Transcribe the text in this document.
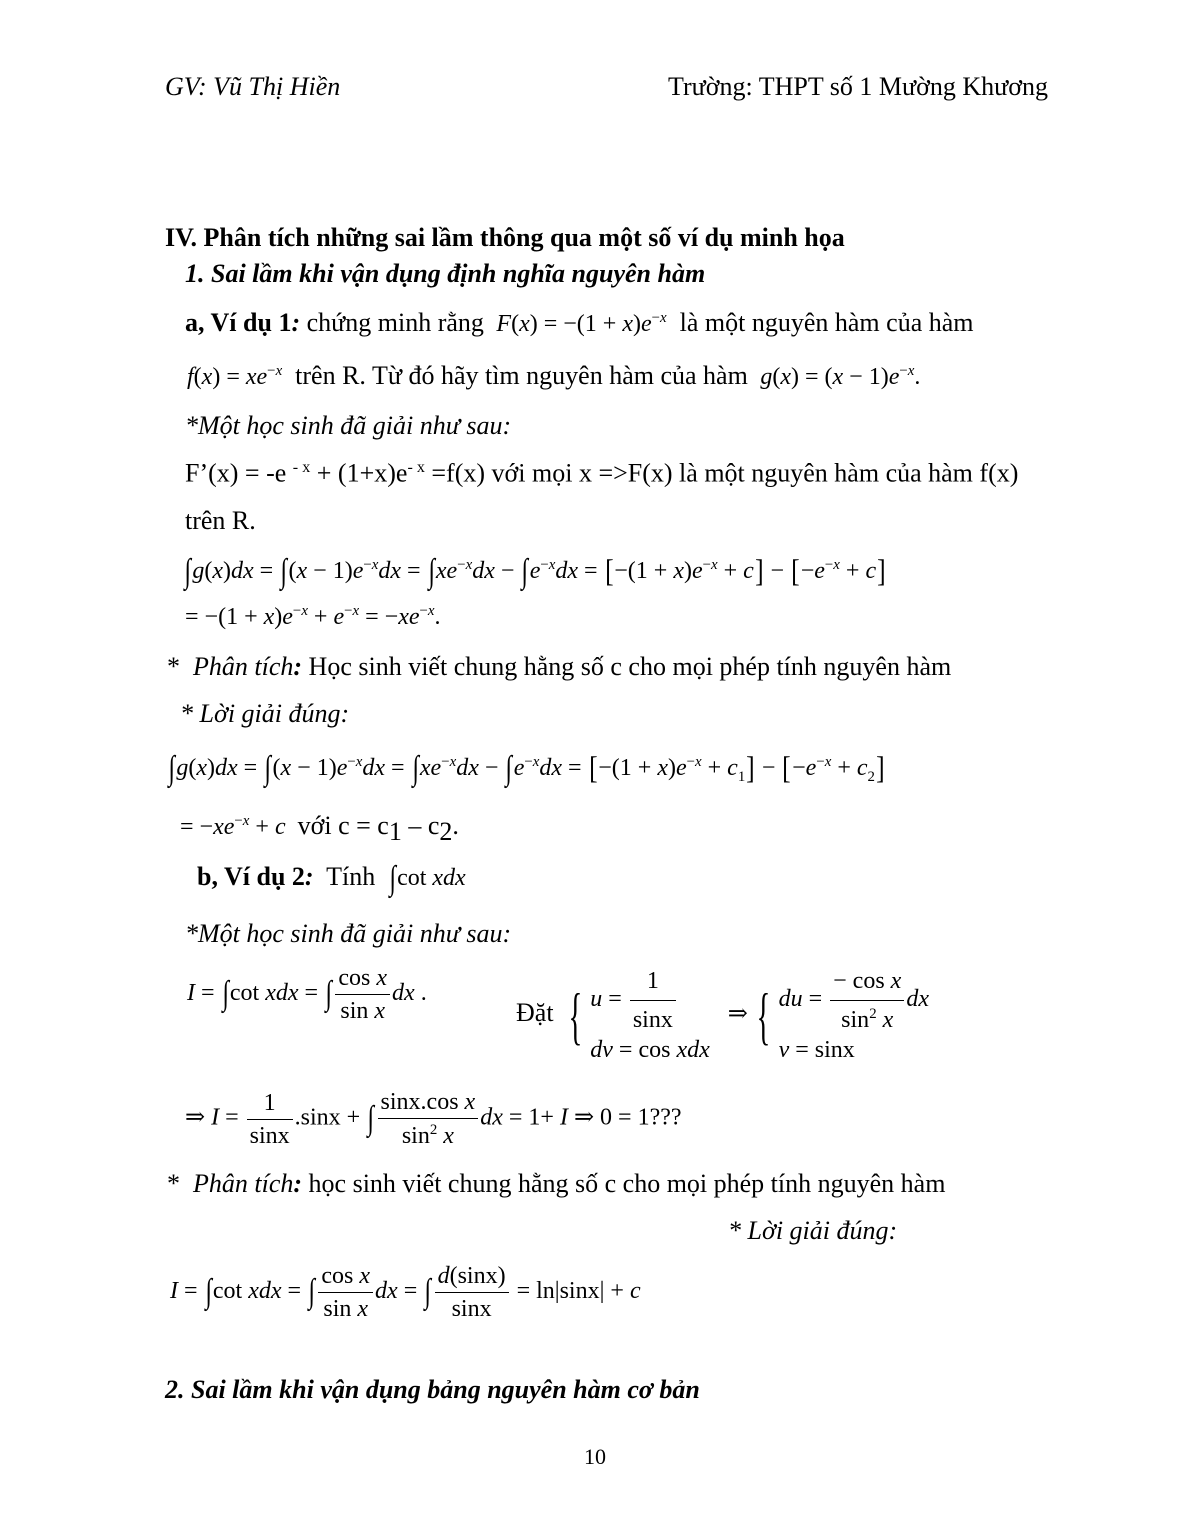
GV: Vũ Thị Hiền	Trường: THPT số 1 Mường Khương
IV. Phân tích những sai lầm thông qua một số ví dụ minh họa
1. Sai lầm khi vận dụng định nghĩa nguyên hàm
a, Ví dụ 1: chứng minh rằng $F(x) = -(1 + x)e^{-x}$ là một nguyên hàm của hàm
$f(x) = xe^{-x}$ trên R. Từ đó hãy tìm nguyên hàm của hàm $g(x) = (x - 1)e^{-x}$.
*Một học sinh đã giải như sau:
F’(x) = -e $^{- x} + (1+x)e^{- x} =f(x)$ với mọi x =>F(x) là một nguyên hàm của hàm f(x)
trên R.
$\int g(x)dx = \int(x - 1)e^{-x}dx = \int xe^{-x}dx - \int e^{-x}dx = [-(1 + x)e^{-x} + c] - [-e^{-x} + c]$
= $-(1 + x)e^{-x} + e^{-x} = -xe^{-x}$.
*  Phân tích: Học sinh viết chung hằng số c cho mọi phép tính nguyên hàm
* Lời giải đúng:
$\int g(x)dx = \int(x - 1)e^{-x}dx = \int xe^{-x}dx - \int e^{-x}dx = [-(1 + x)e^{-x} + c_1] - [-e^{-x} + c_2]$
= $-xe^{-x} + c$ với $c = c_1 - c_2$.
b, Ví dụ 2: Tính ∫cot xdx
*Một học sinh đã giải như sau:
I = ∫cot xdx = ∫ $\frac{\text{cos x}}{\text{sin x}}$ dx .
Đặt { $u = \frac{1}{\sin x}$
dv = cos xdx
⇒ { du = $\frac{\text{− cos x}}{\sin^2 x}$ dx
v = sinx
⇒ $I = \frac{1}{\sin x} .\sin x$ + ∫ $\frac{\text{sinx.cos x}}{\sin^2 x}$ dx = 1+ I ⇒ 0 = 1???
*  Phân tích: học sinh viết chung hằng số c cho mọi phép tính nguyên hàm
* Lời giải đúng:
I = ∫cot xdx = ∫ $\frac{\text{cos x}}{\text{sin x}}$ dx = ∫ $\frac{d(\sin x)}{\sin x} = \ln|\sin x| + c$
2. Sai lầm khi vận dụng bảng nguyên hàm cơ bản
10
